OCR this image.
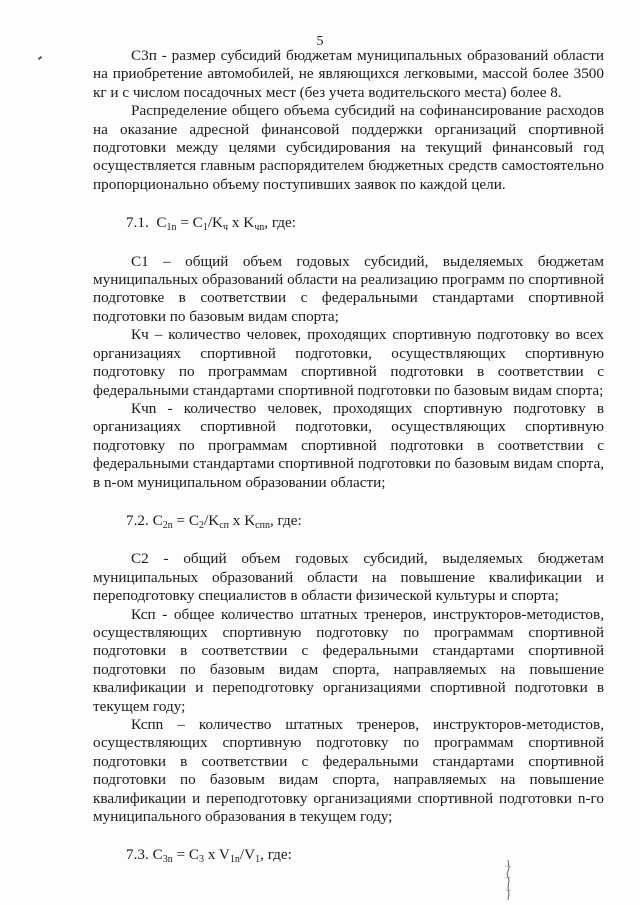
5

С3п - размер субсидий бюджетам муниципальных образований области на приобретение автомобилей, не являющихся легковыми, массой более 3500 кг и с числом посадочных мест (без учета водительского места) более 8.

Распределение общего объема субсидий на софинансирование расходов на оказание адресной финансовой поддержки организаций спортивной подготовки между целями субсидирования на текущий финансовый год осуществляется главным распорядителем бюджетных средств самостоятельно пропорционально объему поступивших заявок по каждой цели.

7.1. $С_{1n} = С_1/K_ч$ x $K_{чn}$, где:

С1 – общий объем годовых субсидий, выделяемых бюджетам муниципальных образований области на реализацию программ по спортивной подготовке в соответствии с федеральными стандартами спортивной подготовки по базовым видам спорта;

Кч – количество человек, проходящих спортивную подготовку во всех организациях спортивной подготовки, осуществляющих спортивную подготовку по программам спортивной подготовки в соответствии с федеральными стандартами спортивной подготовки по базовым видам спорта;

Кчn - количество человек, проходящих спортивную подготовку в организациях спортивной подготовки, осуществляющих спортивную подготовку по программам спортивной подготовки в соответствии с федеральными стандартами спортивной подготовки по базовым видам спорта, в n-ом муниципальном образовании области;

7.2. $С_{2n} = С_2/K_{сп}$ x $K_{спn}$, где:

С2 - общий объем годовых субсидий, выделяемых бюджетам муниципальных образований области на повышение квалификации и переподготовку специалистов в области физической культуры и спорта;

Ксп - общее количество штатных тренеров, инструкторов-методистов, осуществляющих спортивную подготовку по программам спортивной подготовки в соответствии с федеральными стандартами спортивной подготовки по базовым видам спорта, направляемых на повышение квалификации и переподготовку организациями спортивной подготовки в текущем году;

Кспn – количество штатных тренеров, инструкторов-методистов, осуществляющих спортивную подготовку по программам спортивной подготовки в соответствии с федеральными стандартами спортивной подготовки по базовым видам спорта, направляемых на повышение квалификации и переподготовку организациями спортивной подготовки n-го муниципального образования в текущем году;

7.3. $С_{3n} = С_3$ x $V_{1n}/V_1$, где:
